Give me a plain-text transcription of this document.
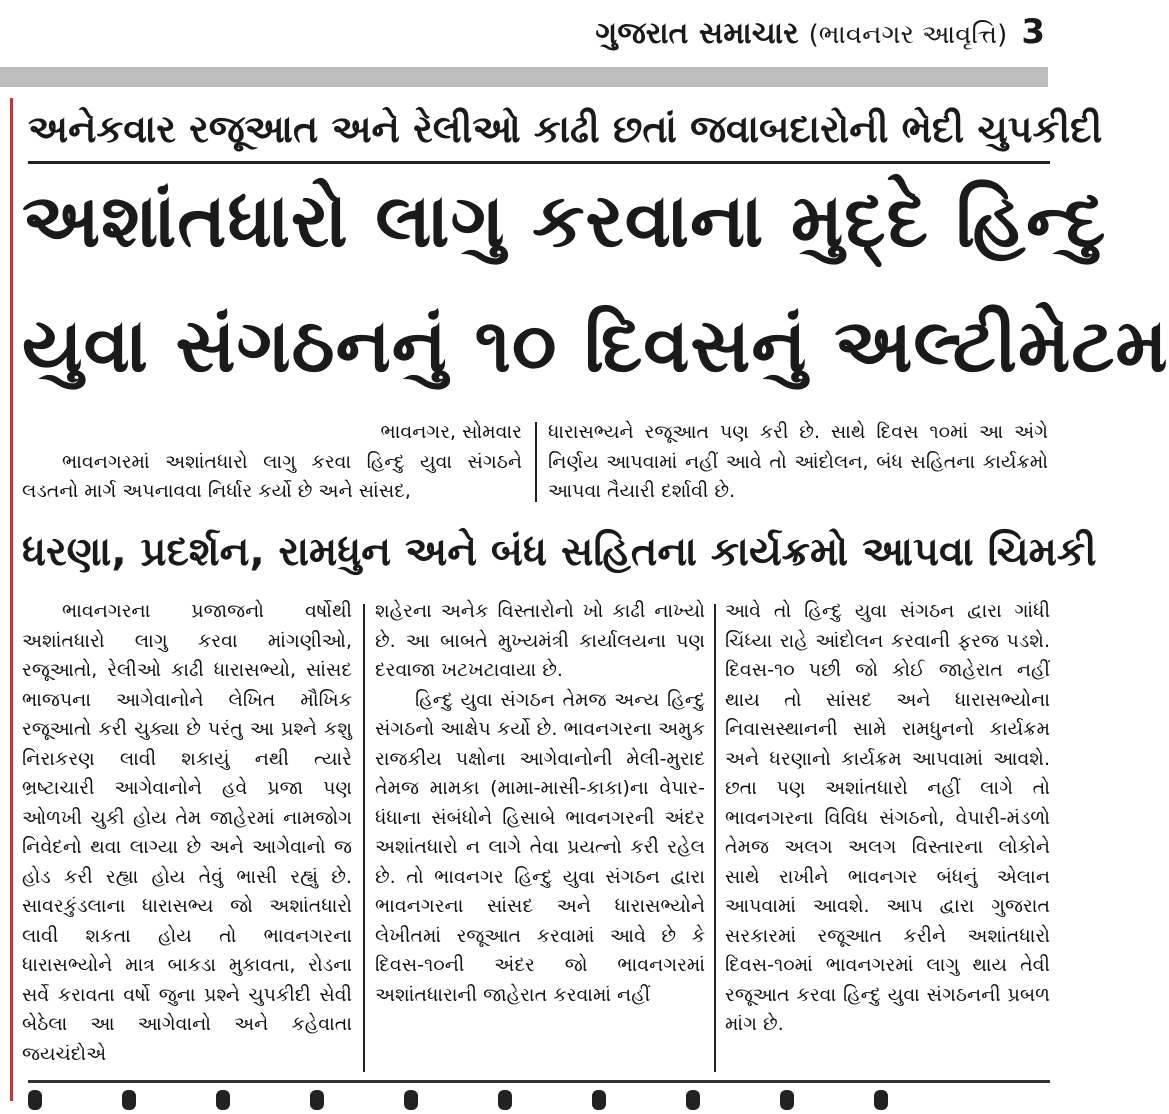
ગુજરાત સમાચાર (ભાવનગર આવૃત્તિ) 3
અનેકવાર રજૂઆત અને રેલીઓ કાઢી છતાં જવાબદારોની ભેદી ચુપકીદી
અશાંતધારો લાગુ કરવાના મુદ્દે હિન્દુ
યુવા સંગઠનનું ૧૦ દિવસનું અલ્ટીમેટમ

ભાવનગર, સોમવાર

ભાવનગરમાં અશાંતધારો લાગુ કરવા હિન્દુ યુવા સંગઠને લડતનો માર્ગ અપનાવવા નિર્ધાર કર્યો છે અને સાંસદ,

ધારાસભ્યને રજૂઆત પણ કરી છે. સાથે દિવસ ૧૦માં આ અંગે નિર્ણય આપવામાં નહીં આવે તો આંદોલન, બંધ સહિતના કાર્યક્રમો આપવા તૈયારી દર્શાવી છે.

ધરણા, પ્રદર્શન, રામધુન અને બંધ સહિતના કાર્યક્રમો આપવા ચિમકી

ભાવનગરના પ્રજાજનો વર્ષોથી અશાંતધારો લાગુ કરવા માંગણીઓ, રજૂઆતો, રેલીઓ કાઢી ધારાસભ્યો, સાંસદ ભાજપના આગેવાનોને લેખિત મૌખિક રજૂઆતો કરી ચુક્યા છે પરંતુ આ પ્રશ્ને કશુ નિરાકરણ લાવી શકાયું નથી ત્યારે ભ્રષ્ટાચારી આગેવાનોને હવે પ્રજા પણ ઓળખી ચુકી હોય તેમ જાહેરમાં નામજોગ નિવેદનો થવા લાગ્યા છે અને આગેવાનો જ હોડ કરી રહ્યા હોય તેવું ભાસી રહ્યું છે. સાવરકુંડલાના ધારાસભ્ય જો અશાંતધારો લાવી શકતા હોય તો ભાવનગરના ધારાસભ્યોને માત્ર બાકડા મુકાવતા, રોડના સર્વે કરાવતા વર્ષો જુના પ્રશ્ને ચુપકીદી સેવી બેઠેલા આ આગેવાનો અને કહેવાતા જયચંદોએ

શહેરના અનેક વિસ્તારોનો ખો કાઢી નાખ્યો છે. આ બાબતે મુખ્યમંત્રી કાર્યાલયના પણ દરવાજા ખટખટાવાયા છે.

હિન્દુ યુવા સંગઠન તેમજ અન્ય હિન્દુ સંગઠનો આક્ષેપ કર્યો છે. ભાવનગરના અમુક રાજકીય પક્ષોના આગેવાનોની મેલી-મુરાદ તેમજ મામકા (મામા-માસી-કાકા)ના વેપાર-ધંધાના સંબંધોને હિસાબે ભાવનગરની અંદર અશાંતધારો ન લાગે તેવા પ્રયત્નો કરી રહેલ છે. તો ભાવનગર હિન્દુ યુવા સંગઠન દ્વારા ભાવનગરના સાંસદ અને ધારાસભ્યોને લેખીતમાં રજૂઆત કરવામાં આવે છે કે દિવસ-૧૦ની અંદર જો ભાવનગરમાં અશાંતધારાની જાહેરાત કરવામાં નહીં

આવે તો હિન્દુ યુવા સંગઠન દ્વારા ગાંધી ચિંધ્યા રાહે આંદોલન કરવાની ફરજ પડશે. દિવસ-૧૦ પછી જો કોઈ જાહેરાત નહીં થાય તો સાંસદ અને ધારાસભ્યોના નિવાસસ્થાનની સામે રામધુનનો કાર્યક્રમ અને ધરણાનો કાર્યક્રમ આપવામાં આવશે. છતા પણ અશાંતધારો નહીં લાગે તો ભાવનગરના વિવિધ સંગઠનો, વેપારી-મંડળો તેમજ અલગ અલગ વિસ્તારના લોકોને સાથે રાખીને ભાવનગર બંધનું એલાન આપવામાં આવશે. આપ દ્વારા ગુજરાત સરકારમાં રજૂઆત કરીને અશાંતધારો દિવસ-૧૦માં ભાવનગરમાં લાગુ થાય તેવી રજૂઆત કરવા હિન્દુ યુવા સંગઠનની પ્રબળ માંગ છે.
